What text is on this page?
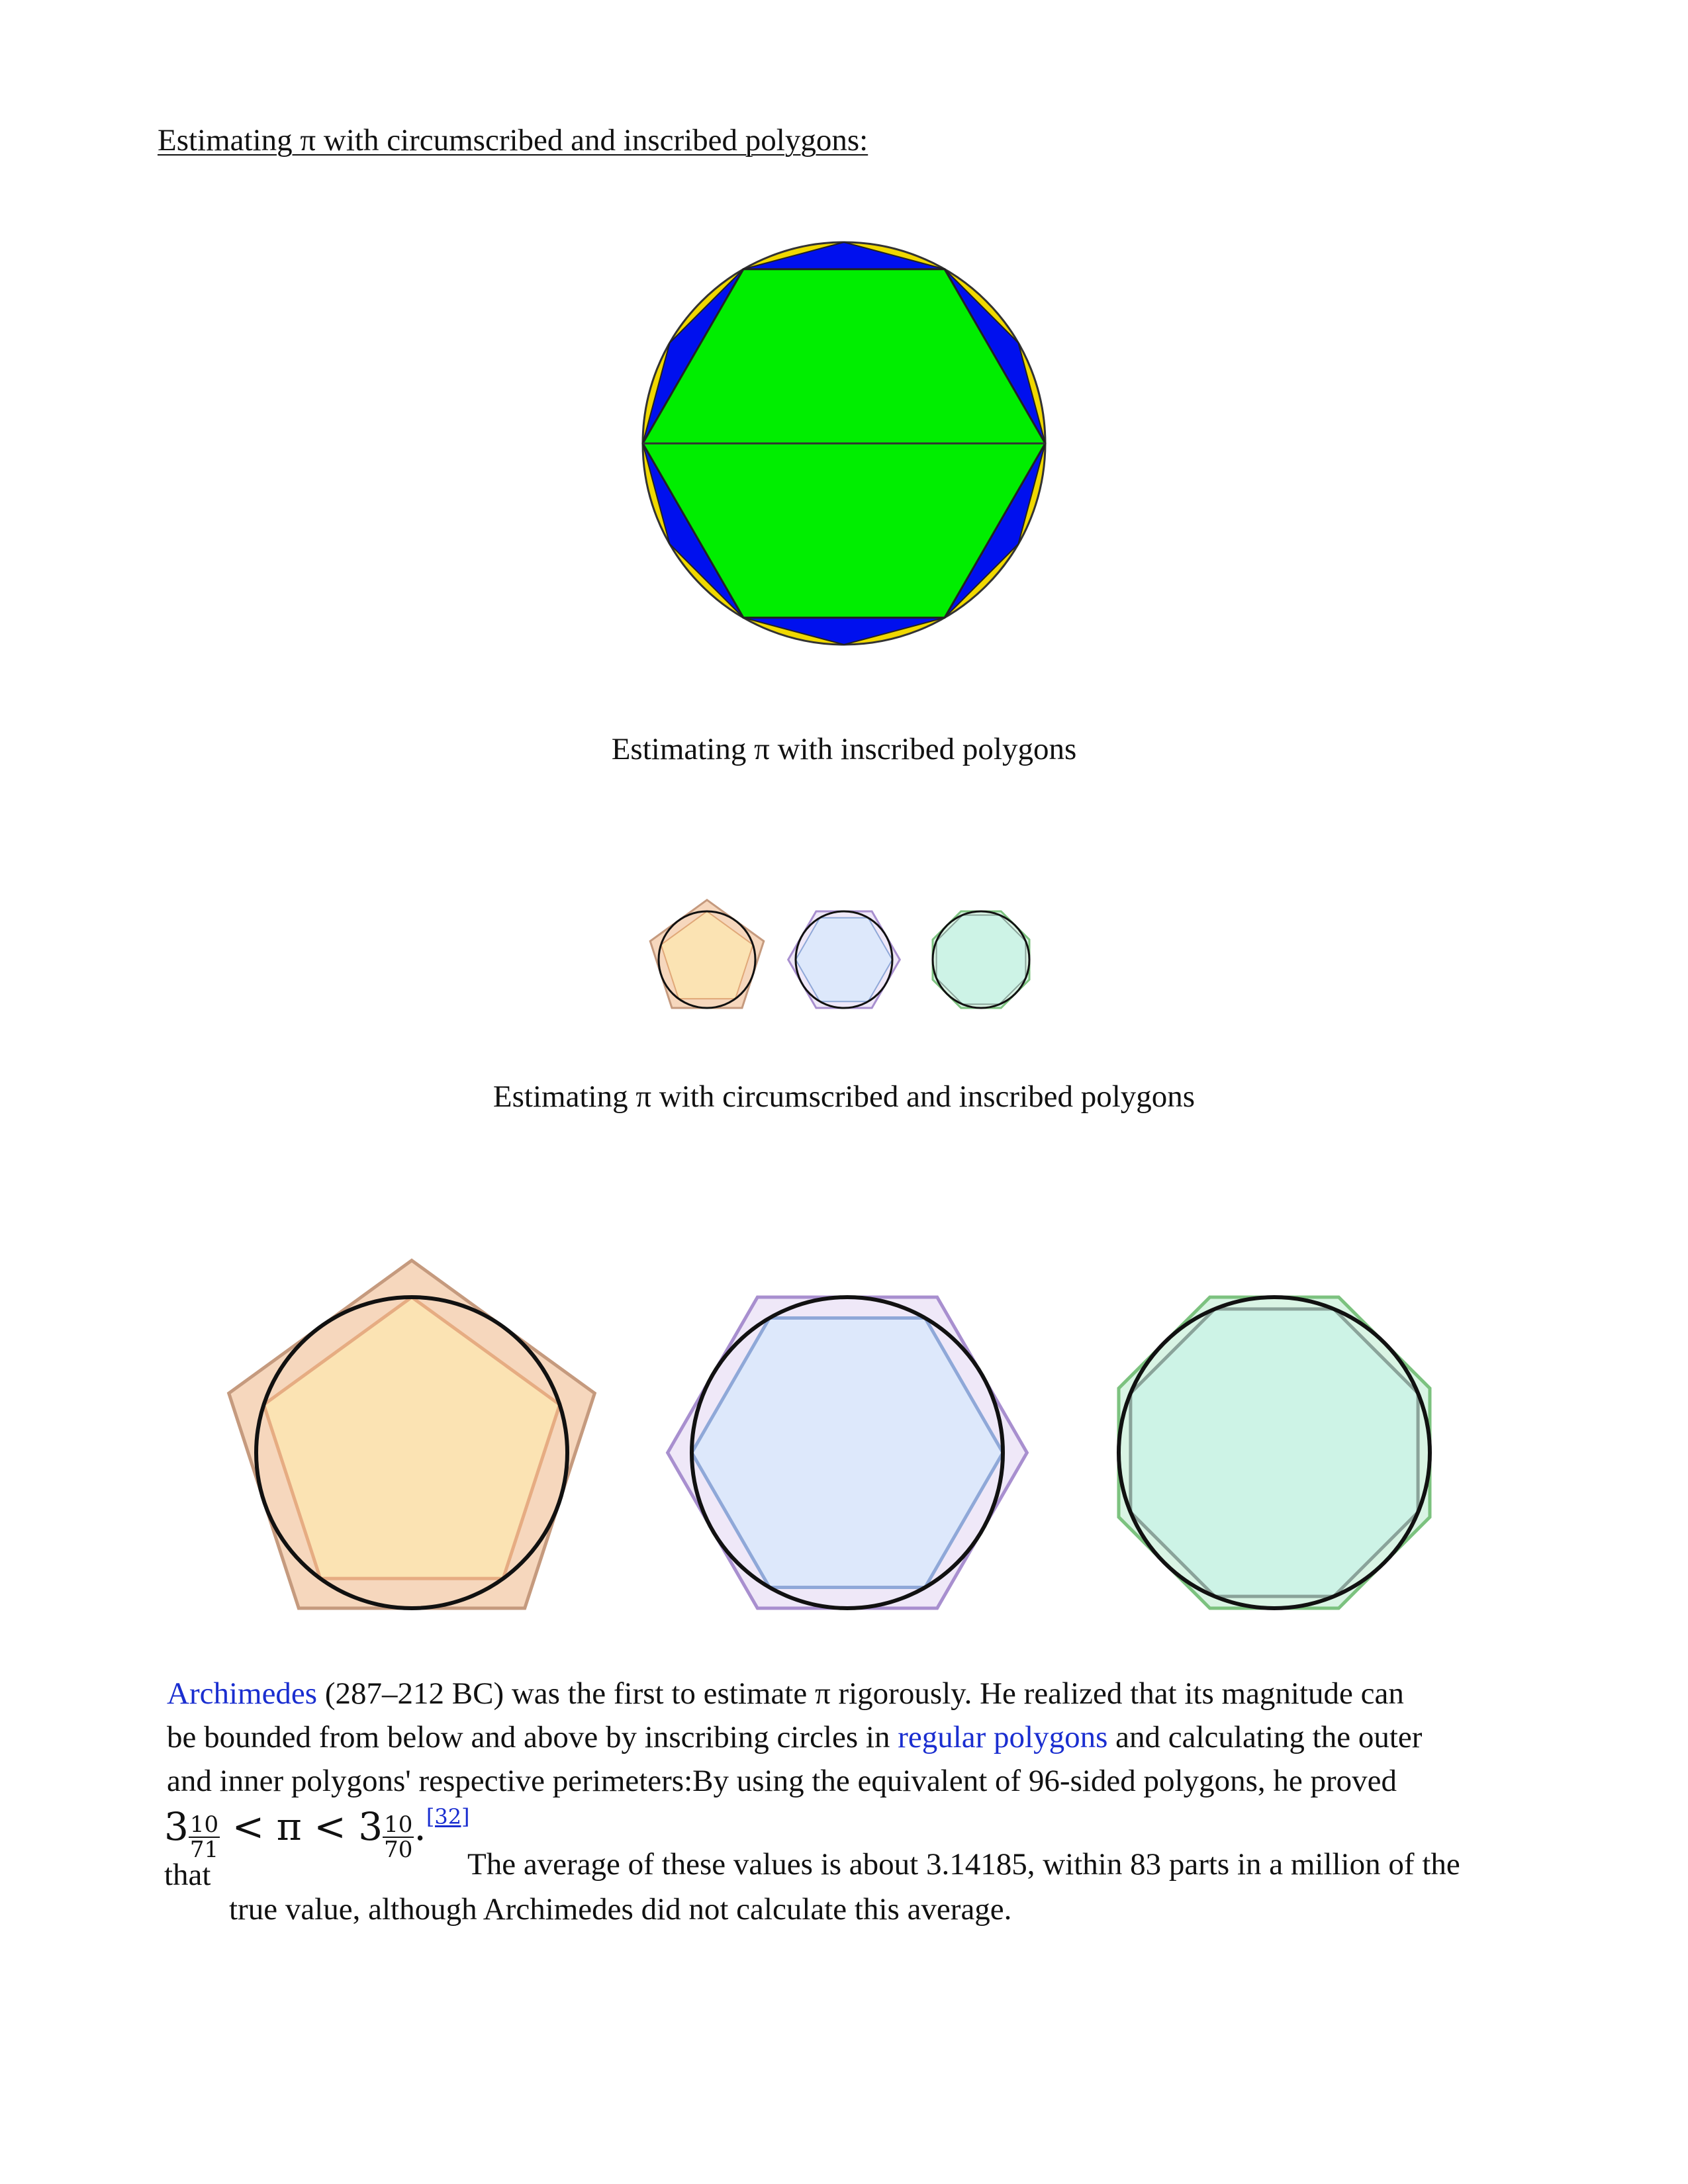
Estimating π with circumscribed and inscribed polygons:
Estimating π with inscribed polygons
Estimating π with circumscribed and inscribed polygons
Archimedes (287–212 BC) was the first to estimate π rigorously. He realized that its magnitude can
be bounded from below and above by inscribing circles in regular polygons and calculating the outer
and inner polygons' respective perimeters:By using the equivalent of 96-sided polygons, he proved
$3 \frac{10}{71} < \pi < 3 \frac{10}{70} .[32]$
that	The average of these values is about 3.14185, within 83 parts in a million of the
true value, although Archimedes did not calculate this average.
